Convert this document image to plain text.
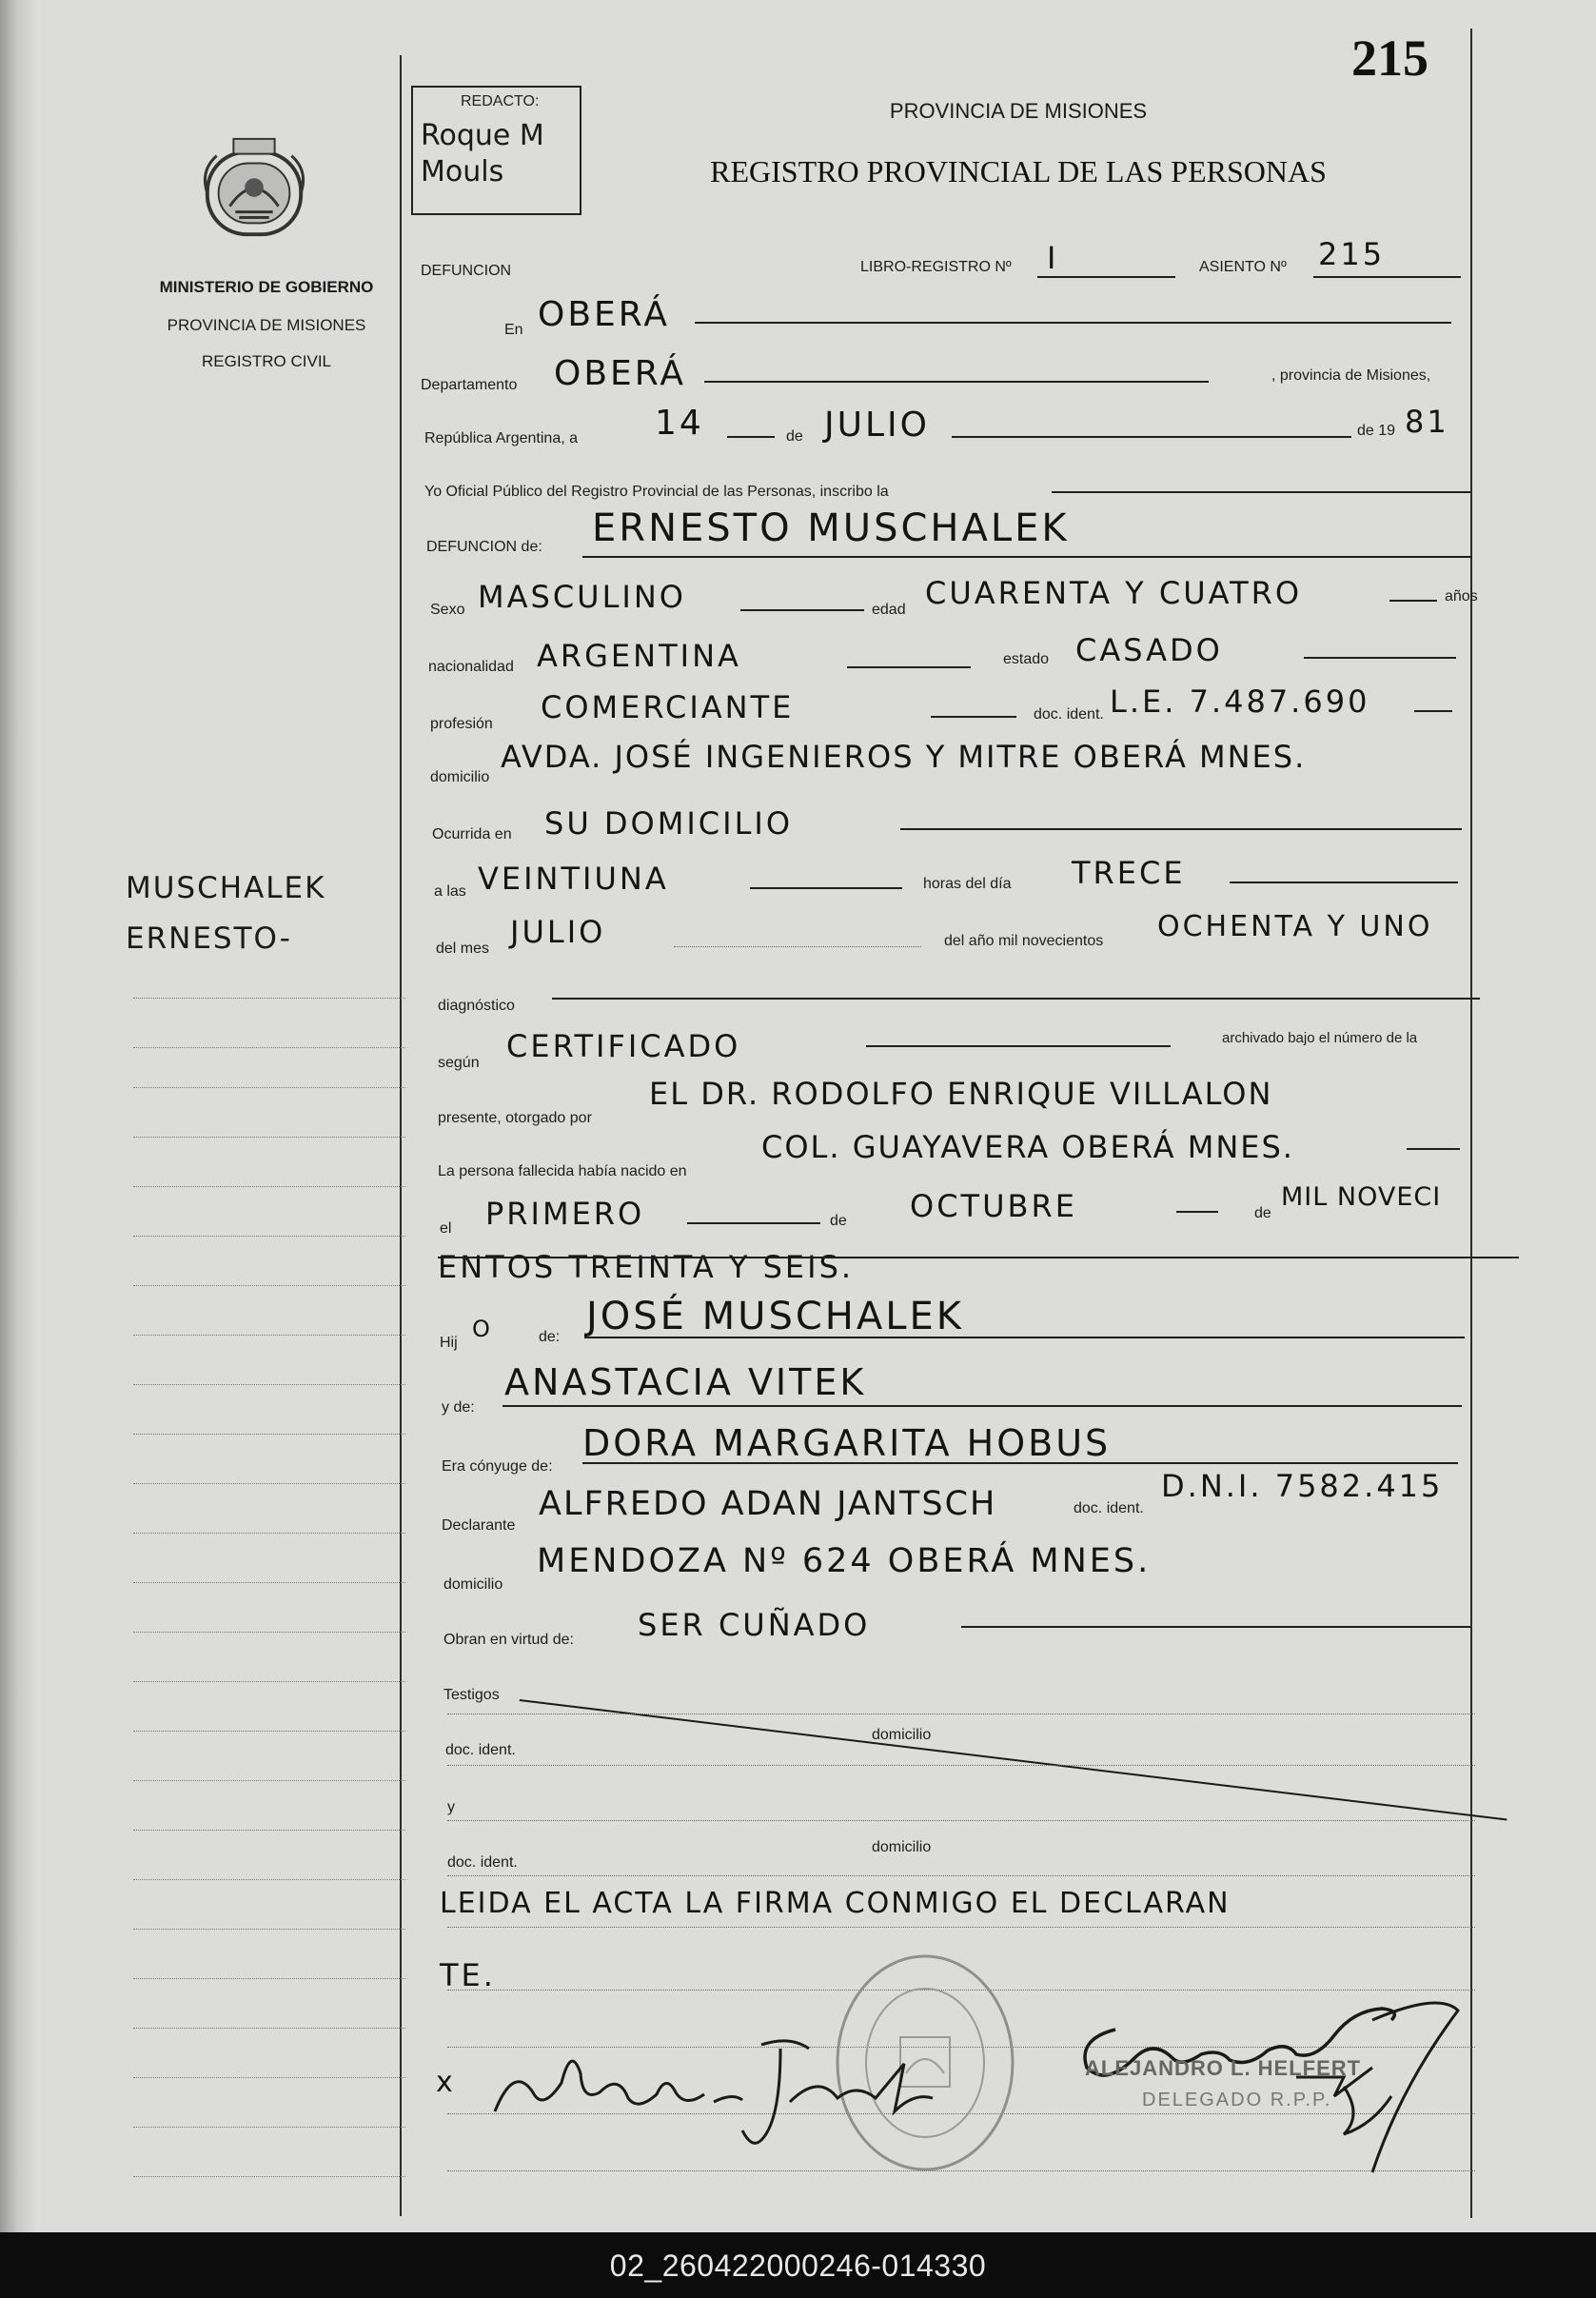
215
REDACTO:
Roque M
Mouls
MINISTERIO DE GOBIERNO
PROVINCIA DE MISIONES
REGISTRO CIVIL
PROVINCIA DE MISIONES
REGISTRO PROVINCIAL DE LAS PERSONAS
MUSCHALEK
ERNESTO-
DEFUNCION	LIBRO-REGISTRO Nº I	ASIENTO Nº 215
En OBERÁ
Departamento OBERÁ	, provincia de Misiones,
República Argentina, a 14	de JULIO	de 19 81
Yo Oficial Público del Registro Provincial de las Personas, inscribo la
DEFUNCION de: ERNESTO MUSCHALEK
Sexo MASCULINO	edad CUARENTA Y CUATRO	años
nacionalidad ARGENTINA	estado CASADO
profesión COMERCIANTE	doc. ident. L.E. 7.487.690
domicilio
AVDA. JOSÉ INGENIEROS Y MITRE OBERÁ MNES.
Ocurrida en SU DOMICILIO
a las VEINTIUNA	horas del día TRECE
del mes JULIO	del año mil novecientos OCHENTA Y UNO
diagnóstico
según CERTIFICADO	archivado bajo el número de la
presente, otorgado por
EL DR. RODOLFO ENRIQUE VILLALON
La persona fallecida había nacido en
COL. GUAYAVERA OBERÁ MNES.
el PRIMERO	de OCTUBRE	de
MIL NOVECI
ENTOS TREINTA Y SEIS.
Hij
O	de: JOSÉ MUSCHALEK
y de:
ANASTACIA VITEK
Era cónyuge de:
DORA MARGARITA HOBUS
Declarante
ALFREDO ADAN JANTSCH	doc. ident.
D.N.I. 7582.415
domicilio
MENDOZA Nº 624 OBERÁ MNES.
Obran en virtud de: SER CUÑADO
Testigos
doc. ident.
domicilio
y
domicilio
doc. ident.
LEIDA EL ACTA LA FIRMA CONMIGO EL DECLARAN
TE.
x	ALEJANDRO L. HELFERT
DELEGADO R.P.P.
02_260422000246-014330
